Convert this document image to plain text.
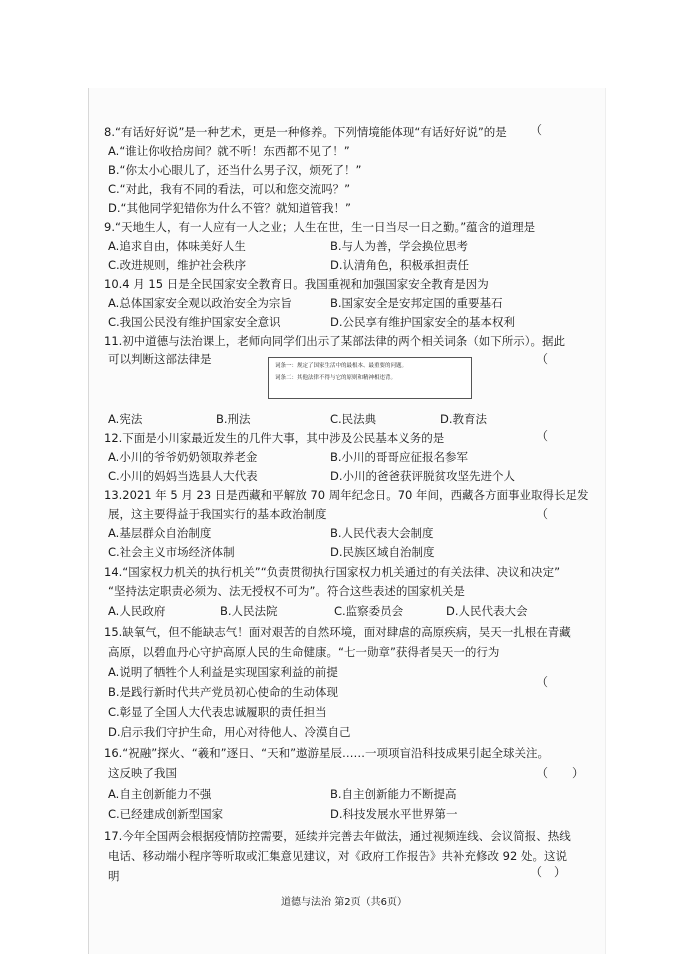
8.“有话好好说”是一种艺术，更是一种修养。下列情境能体现“有话好好说”的是 （
A.“谁让你收拾房间？就不听！东西都不见了！”
B.“你太小心眼儿了，还当什么男子汉，烦死了！”
C.“对此，我有不同的看法，可以和您交流吗？”
D.“其他同学犯错你为什么不管？就知道管我！”
9.“天地生人，有一人应有一人之业；人生在世，生一日当尽一日之勤。”蕴含的道理是
A.追求自由，体味美好人生	B.与人为善，学会换位思考
C.改进规则，维护社会秩序	D.认清角色，积极承担责任
10.4 月 15 日是全民国家安全教育日。我国重视和加强国家安全教育是因为
A.总体国家安全观以政治安全为宗旨	B.国家安全是安邦定国的重要基石
C.我国公民没有维护国家安全意识	D.公民享有维护国家安全的基本权利
11.初中道德与法治课上，老师向同学们出示了某部法律的两个相关词条（如下所示）。据此
可以判断这部法律是	（
词条一：规定了国家生活中的最根本、最重要的问题。
词条二：其他法律不得与它的原则和精神相违背。
A.宪法	B.刑法	C.民法典	D.教育法
12.下面是小川家最近发生的几件大事，其中涉及公民基本义务的是	（
A.小川的爷爷奶奶领取养老金	B.小川的哥哥应征报名参军
C.小川的妈妈当选县人大代表	D.小川的爸爸获评脱贫攻坚先进个人
13.2021 年 5 月 23 日是西藏和平解放 70 周年纪念日。70 年间，西藏各方面事业取得长足发
展，这主要得益于我国实行的基本政治制度	（
A.基层群众自治制度	B.人民代表大会制度
C.社会主义市场经济体制	D.民族区域自治制度
14.“国家权力机关的执行机关”“负责贯彻执行国家权力机关通过的有关法律、决议和决定”
“坚持法定职责必须为、法无授权不可为”。符合这些表述的国家机关是
A.人民政府	B.人民法院	C.监察委员会	D.人民代表大会
15.缺氧气，但不能缺志气！面对艰苦的自然环境，面对肆虐的高原疾病，吴天一扎根在青藏
高原，以碧血丹心守护高原人民的生命健康。“七一勋章”获得者吴天一的行为
（
A.说明了牺牲个人利益是实现国家利益的前提
B.是践行新时代共产党员初心使命的生动体现
C.彰显了全国人大代表忠诚履职的责任担当
D.启示我们守护生命，用心对待他人、冷漠自己
16.“祝融”探火、“羲和”逐日、“天和”遨游星辰……一项项盲沿科技成果引起全球关注。
这反映了我国	（　　）
A.自主创新能力不强	B.自主创新能力不断提高
C.已经建成创新型国家	D.科技发展水平世界第一
17.今年全国两会根据疫情防控需要，延续并完善去年做法，通过视频连线、会议简报、热线
电话、移动端小程序等听取或汇集意见建议，对《政府工作报告》共补充修改 92 处。这说
明	（　）
道德与法治 第2页（共6页）
